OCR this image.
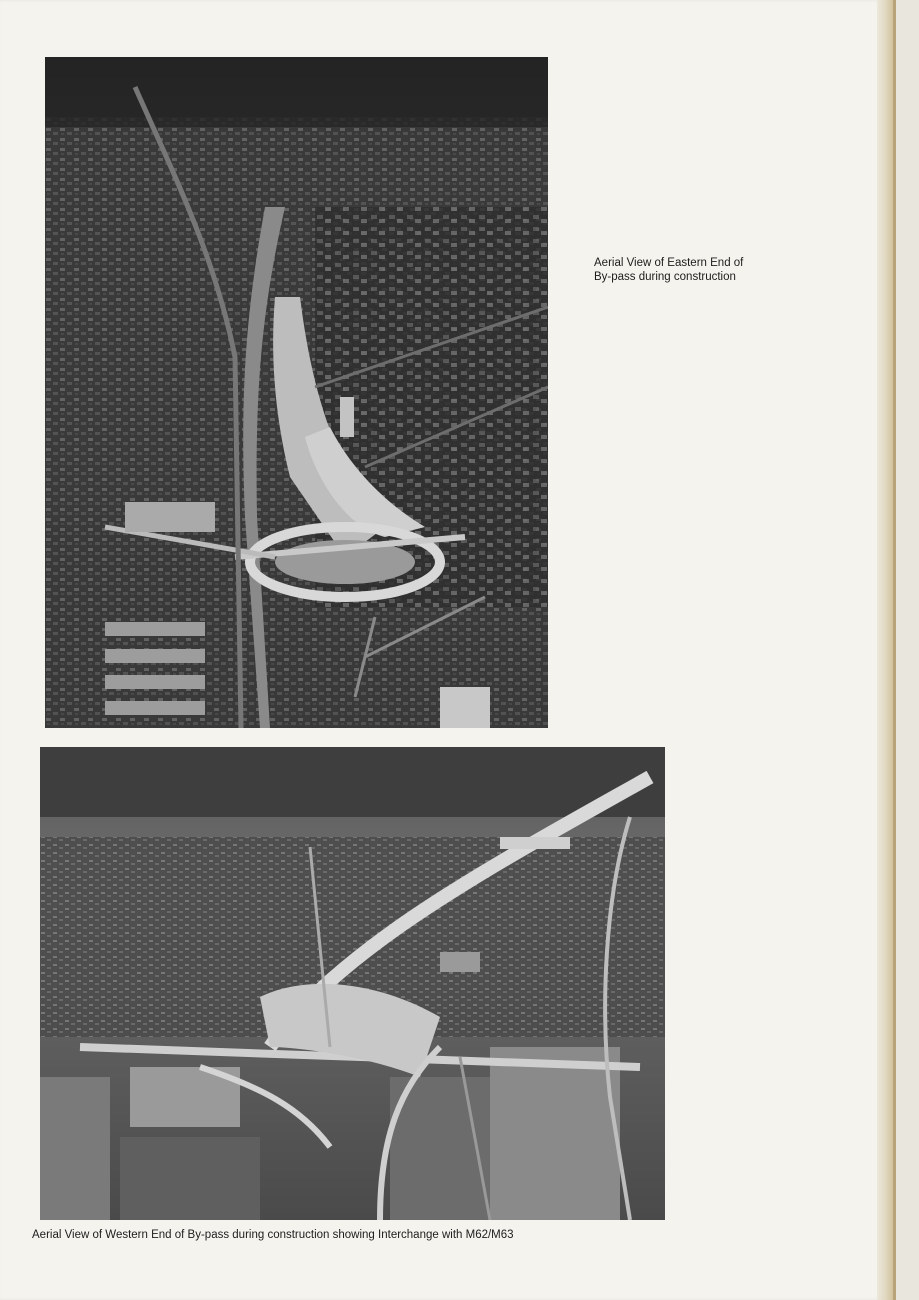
Aerial View of Eastern End of
By-pass during construction
Aerial View of Western End of By-pass during construction showing Interchange with M62/M63
